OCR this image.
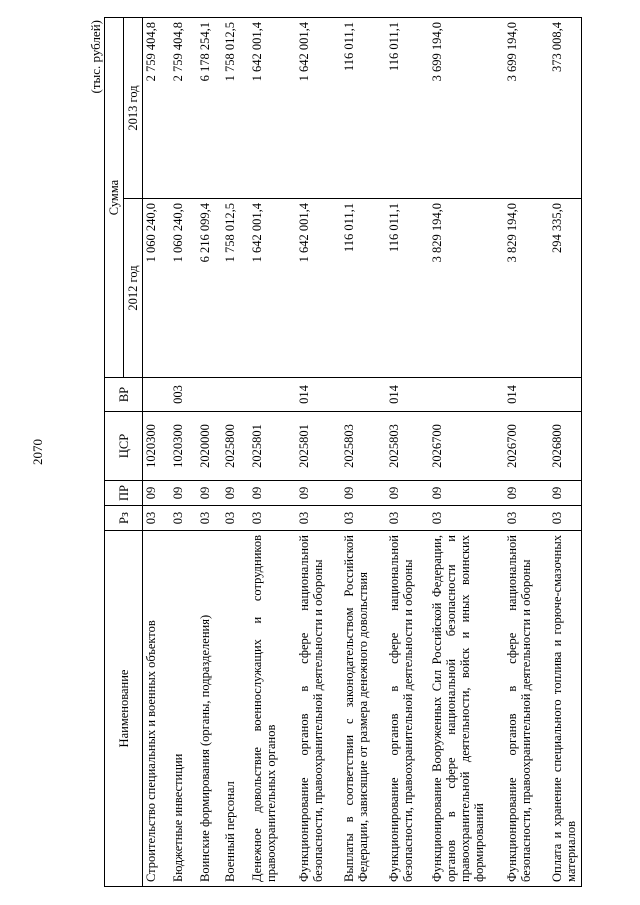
2070
(тыс. рублей)
Наименование	Рз	ПР	ЦСР	ВР	Сумма	
					2012 год	2013 год
Строительство специальных и военных объектов	03	09	1020300		1 060 240,0	2 759 404,8
Бюджетные инвестиции	03	09	1020300	003	1 060 240,0	2 759 404,8
Воинские формирования (органы, подразделения)	03	09	2020000		6 216 099,4	6 178 254,1
Военный персонал	03	09	2025800		1 758 012,5	1 758 012,5
Денежное довольствие военнослужащих и сотрудников правоохранительных органов	03	09	2025801		1 642 001,4	1 642 001,4
Функционирование органов в сфере национальной безопасности, правоохранительной деятельности и обороны	03	09	2025801	014	1 642 001,4	1 642 001,4
Выплаты в соответствии с законодательством Российской Федерации, зависящие от размера денежного довольствия	03	09	2025803		116 011,1	116 011,1
Функционирование органов в сфере национальной безопасности, правоохранительной деятельности и обороны	03	09	2025803	014	116 011,1	116 011,1
Функционирование Вооруженных Сил Российской Федерации, органов в сфере национальной безопасности и правоохранительной деятельности, войск и иных воинских формирований	03	09	2026700		3 829 194,0	3 699 194,0
Функционирование органов в сфере национальной безопасности, правоохранительной деятельности и обороны	03	09	2026700	014	3 829 194,0	3 699 194,0
Оплата и хранение специального топлива и горюче-смазочных материалов	03	09	2026800		294 335,0	373 008,4
